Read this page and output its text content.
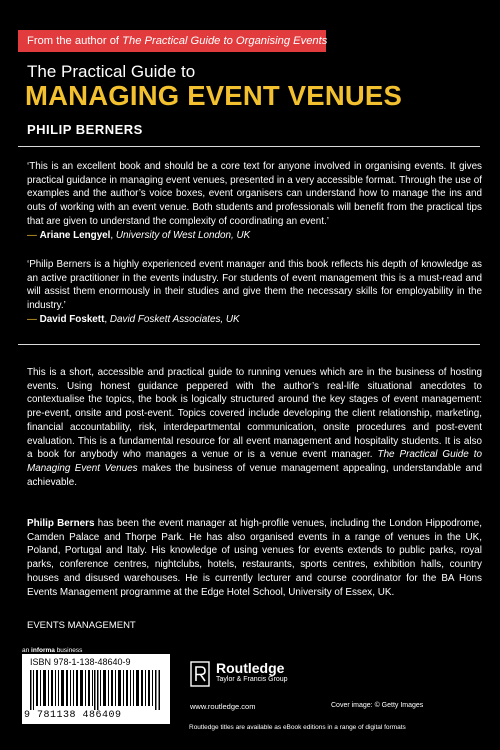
From the author of The Practical Guide to Organising Events
The Practical Guide to
MANAGING EVENT VENUES
PHILIP BERNERS
‘This is an excellent book and should be a core text for anyone involved in organising events. It gives practical guidance in managing event venues, presented in a very accessible format. Through the use of examples and the author’s voice boxes, event organisers can understand how to manage the ins and outs of working with an event venue. Both students and professionals will benefit from the practical tips that are given to understand the complexity of coordinating an event.’
— Ariane Lengyel, University of West London, UK
‘Philip Berners is a highly experienced event manager and this book reflects his depth of knowledge as an active practitioner in the events industry. For students of event management this is a must-read and will assist them enormously in their studies and give them the necessary skills for employability in the industry.’
— David Foskett, David Foskett Associates, UK
This is a short, accessible and practical guide to running venues which are in the business of hosting events. Using honest guidance peppered with the author’s real-life situational anecdotes to contextualise the topics, the book is logically structured around the key stages of event management: pre-event, onsite and post-event. Topics covered include developing the client relationship, marketing, financial accountability, risk, interdepartmental communication, onsite procedures and post-event evaluation. This is a fundamental resource for all event management and hospitality students. It is also a book for anybody who manages a venue or is a venue event manager. The Practical Guide to Managing Event Venues makes the business of venue management appealing, understandable and achievable.
Philip Berners has been the event manager at high-profile venues, including the London Hippodrome, Camden Palace and Thorpe Park. He has also organised events in a range of venues in the UK, Poland, Portugal and Italy. His knowledge of using venues for events extends to public parks, royal parks, conference centres, nightclubs, hotels, restaurants, sports centres, exhibition halls, country houses and disused warehouses. He is currently lecturer and course coordinator for the BA Hons Events Management programme at the Edge Hotel School, University of Essex, UK.
EVENTS MANAGEMENT
an informa business
ISBN 978-1-138-48640-9
9 781138 486409
Routledge
Taylor & Francis Group
www.routledge.com	Cover image: © Getty Images
Routledge titles are available as eBook editions in a range of digital formats
